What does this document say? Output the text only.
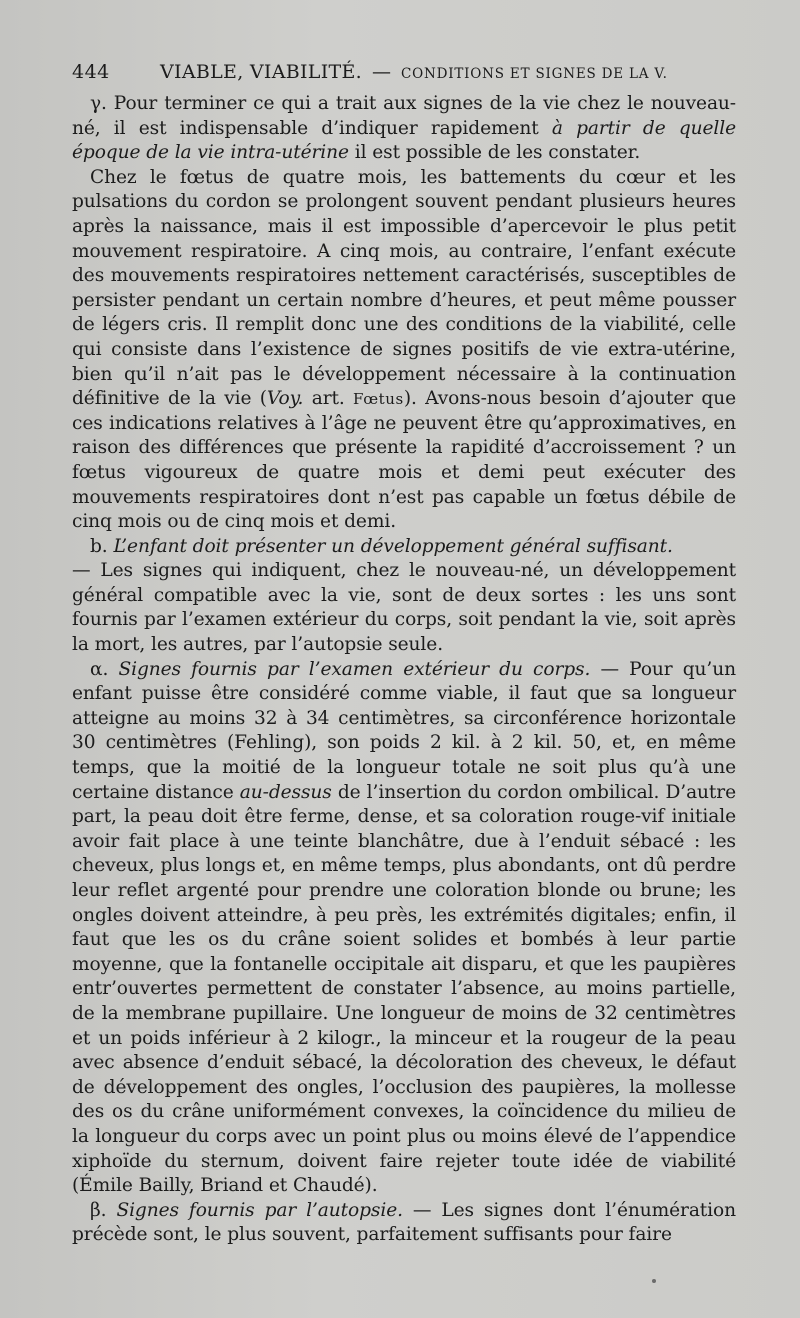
444	VIABLE, VIABILITÉ. — CONDITIONS ET SIGNES DE LA V.

γ. Pour terminer ce qui a trait aux signes de la vie chez le nouveau-né, il est indispensable d’indiquer rapidement à partir de quelle époque de la vie intra-utérine il est possible de les constater.

Chez le fœtus de quatre mois, les battements du cœur et les pulsations du cordon se prolongent souvent pendant plusieurs heures après la naissance, mais il est impossible d’apercevoir le plus petit mouvement respiratoire. A cinq mois, au contraire, l’enfant exécute des mouvements respiratoires nettement caractérisés, susceptibles de persister pendant un certain nombre d’heures, et peut même pousser de légers cris. Il remplit donc une des conditions de la viabilité, celle qui consiste dans l’existence de signes positifs de vie extra-utérine, bien qu’il n’ait pas le développement nécessaire à la continuation définitive de la vie (Voy. art. Fœtus). Avons-nous besoin d’ajouter que ces indications relatives à l’âge ne peuvent être qu’approximatives, en raison des différences que présente la rapidité d’accroissement ? un fœtus vigoureux de quatre mois et demi peut exécuter des mouvements respiratoires dont n’est pas capable un fœtus débile de cinq mois ou de cinq mois et demi.

b. L’enfant doit présenter un développement général suffisant.

— Les signes qui indiquent, chez le nouveau-né, un développement général compatible avec la vie, sont de deux sortes : les uns sont fournis par l’examen extérieur du corps, soit pendant la vie, soit après la mort, les autres, par l’autopsie seule.

α. Signes fournis par l’examen extérieur du corps. — Pour qu’un enfant puisse être considéré comme viable, il faut que sa longueur atteigne au moins 32 à 34 centimètres, sa circonférence horizontale 30 centimètres (Fehling), son poids 2 kil. à 2 kil. 50, et, en même temps, que la moitié de la longueur totale ne soit plus qu’à une certaine distance au-dessus de l’insertion du cordon ombilical. D’autre part, la peau doit être ferme, dense, et sa coloration rouge-vif initiale avoir fait place à une teinte blanchâtre, due à l’enduit sébacé : les cheveux, plus longs et, en même temps, plus abondants, ont dû perdre leur reflet argenté pour prendre une coloration blonde ou brune; les ongles doivent atteindre, à peu près, les extrémités digitales; enfin, il faut que les os du crâne soient solides et bombés à leur partie moyenne, que la fontanelle occipitale ait disparu, et que les paupières entr’ouvertes permettent de constater l’absence, au moins partielle, de la membrane pupillaire. Une longueur de moins de 32 centimètres et un poids inférieur à 2 kilogr., la minceur et la rougeur de la peau avec absence d’enduit sébacé, la décoloration des cheveux, le défaut de développement des ongles, l’occlusion des paupières, la mollesse des os du crâne uniformément convexes, la coïncidence du milieu de la longueur du corps avec un point plus ou moins élevé de l’appendice xiphoïde du sternum, doivent faire rejeter toute idée de viabilité (Émile Bailly, Briand et Chaudé).

β. Signes fournis par l’autopsie. — Les signes dont l’énumération précède sont, le plus souvent, parfaitement suffisants pour faire
